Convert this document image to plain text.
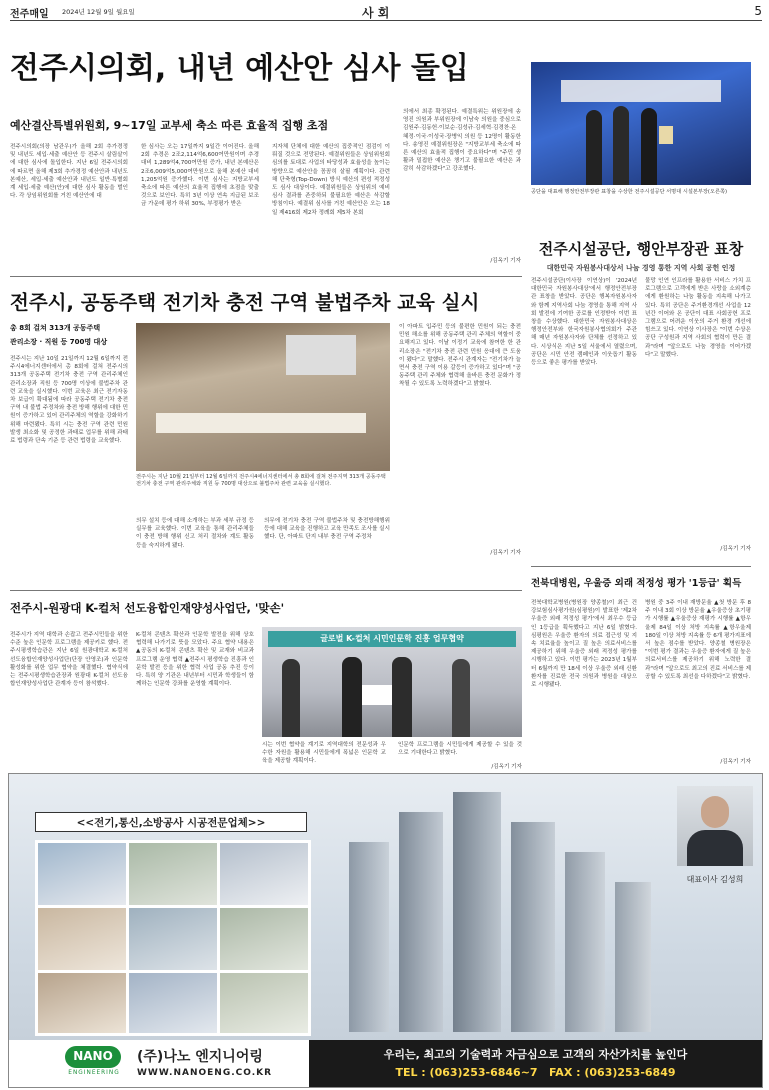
전주매일 2024년 12월 9일 월요일	사 회	5
전주시의회, 내년 예산안 심사 돌입
예산결산특별위원회, 9~17일 교부세 축소 따른 효율적 집행 초점
전주시의회(의장 남관우)가 올해 2회 추가경정 및 내년도 세입·세출 예산안 등 전주시 살림살이에 대한 심사에 돌입한다. 지난 6일 전주시의회에 따르면 올해 제3회 추가경정 예산안과 내년도 본예산, 세입·세출 예산안과 내년도 일반·특별회계 세입·세출 예산(안)에 대한 심사 활동을 벌인다. 각 상임위원회를 거친 예산안에 대
한 심사는 오는 17일까지 9일간 이어진다. 올해 2회 추경은 2조2,114억6,600여만원이며 추경 대비 1,289억4,700여만원 증가, 내년 본예산은 2조6,009억5,000여만원으로 올해 본예산 대비 1,205억원 증가했다. 이번 심사는 지방교부세 축소에 따른 예산의 효율적 집행에 초점을 맞출 것으로 보인다. 특히 3년 이상 연속 지급된 보조금 가운데 평가 하위 30%, 부정평가 받은
지자체 단체에 대한 예산의 집중적인 점검이 이뤄질 것으로 전망된다. 예결위원들은 상임위원회 심의를 토대로 사업의 타당성과 효율성을 높이는 방향으로 예산안을 꼼꼼히 살필 계획이다. 관련해 단축형(Top-Down) 방식 예산의 편성 적정성도 심사 대상이다. 예결위원들은 상임위의 예비심사 결과를 존중하되 불필요한 예산은 삭감할 방침이다. 예결위 심사를 거친 예산안은 오는 18일 제416회 제2차 정례회 제5차 본회
의에서 최종 확정된다. 예결특위는 위원장에 송영진 의원과 부위원장에 이남숙 의원을 중심으로 김원주·김동헌·이보순·김성규·김세혁·김경찬·온혜정·이국·이성국·장병익 의원 등 12명이 활동한다. 송영진 예결위원장은 "지방교부세 축소에 따른 예산의 효율적 집행이 중요하다"며 "주민 생활과 밀접한 예산은 챙기고 불필요한 예산은 과감히 삭감하겠다"고 강조했다.
/김옥기 기자
공단을 대표해 행정안전부장관 표창을 수상한 전주시설공단 서명대 시설본부장(오른쪽)
전주시설공단, 행안부장관 표창
대한민국 자원봉사대상서 나눔 경영 통한 지역 사회 공헌 인정
전주시설공단(이사장 이연상)이 '2024년 대한민국 자원봉사대상'에서 행정안전부장관 표창을 받았다. 공단은 행복자원봉사자와 함께 지역사회 나눔 경영을 통해 지역 사회 발전에 기여한 공로를 인정받아 이번 표창을 수상했다. 대한민국 자원봉사대상은 행정안전부와 한국자원봉사협의회가 주관해 매년 자원봉사자와 단체를 선정하고 있다. 시상식은 지난 5일 서울에서 열렸으며, 공단은 시민 안전 캠페인과 이웃돕기 활동 등으로 좋은 평가를 받았다.
물망 인연 인프라를 활용한 서비스 가치 프로그램으로 고객에게 받은 사랑을 소외계층에게 환원하는 나눔 활동을 지속해 나가고 있다. 특히 공단은 주거환경개선 사업을 12년간 이어와 온 공단이 대표 사회공헌 프로그램으로 어려운 이웃의 주거 환경 개선에 힘쓰고 있다. 이연상 이사장은 "이번 수상은 공단 구성원과 지역 사회의 협력이 만든 결과"라며 "앞으로도 나눔 경영을 이어가겠다"고 말했다.
/김옥기 기자
전주시, 공동주택 전기차 충전 구역 불법주차 교육 실시
총 8회 걸쳐 313개 공동주택
관리소장 · 직원 등 700명 대상
전주시는 지난 10일 21일까지 12월 6일까지 전주시4에너지센터에서 총 8회에 걸쳐 전주시의 313개 공동주택 전기차 충전 구역 관리주체인 관리소장과 직원 등 700명 이상에 불법주차 관련 교육을 실시했다. 이번 교육은 최근 전기자동차 보급이 확대됨에 따라 공동주택 전기차 충전 구역 내 불법 주정차와 충전 방해 행위에 대한 민원이 증가하고 있어 관리주체의 역할을 강화하기 위해 마련됐다. 특히 시는 충전 구역 관련 민원 발생 최소화 및 공정한 과태료 업무를 위해 과태료 법령과 단속 기준 등 관련 법령을 교육했다.
전주시는 지난 10월 21일부터 12월 6일까지 전주시4에너지센터에서 총 8회에 걸쳐 전주지역 313개 공동주택 전기차 충전 구역 관리주체와 직원 등 700명 대상으로 불법주차 관련 교육을 실시했다.
의무 설치 등에 대해 소개하는 부과 세부 규정 등 실무를 교육했다. 이번 교육을 통해 관리주체들이 충전 방해 행위 신고 처리 절차와 계도 활동 등을 숙지하게 됐다.
의무에 전기차 충전 구역 불법주차 및 충전방해행위 등에 대해 교육을 진행하고 교육 만족도 조사를 실시했다. 단, 아파트 단지 내부 충전 구역 주정차
이 아파트 입주민 등의 불편한 민원이 되는 충전 민원 해소를 위해 공동주택 관리 주체의 역할이 중요해지고 있다. 이날 이정기 교육에 참여한 한 관리소장은 "전기차 충전 관련 민원 응대에 큰 도움이 됐다"고 말했다. 전주시 관계자는 "전기차가 늘면서 충전 구역 이용 갈등이 증가하고 있다"며 "공동주택 관리 주체와 협력해 올바른 충전 문화가 정착될 수 있도록 노력하겠다"고 밝혔다.
/김옥기 기자
전주시-원광대 K-컬처 선도융합인재양성사업단, '맞손'
전주시가 지역 대학과 손잡고 전주시민들을 위한 수준 높은 인문학 프로그램을 제공키로 했다. 전주시평생학습관은 지난 6일 원광대학교 K-컬처 선도융합인재양성사업단(단장 안영조)과 인문학 활성화를 위한 업무 협약을 체결했다. 협약식에는 전주시평생학습관장과 원광대 K-컬처 선도융합인재양성사업단 관계자 등이 참석했다.
K-컬처 콘텐츠 확산과 인문학 발전을 위해 상호 협력해 나가기로 뜻을 모았다. 주요 협약 내용은 ▲공동의 K-컬처 콘텐츠 확산 및 교재와 비교과 프로그램 운영 협력 ▲전주시 평생학습 진흥과 인문학 발전 등을 위한 협력 사업 공동 추진 등이다. 특히 양 기관은 내년부터 시민과 학생들이 함께하는 인문학 강좌를 운영할 계획이다.
글로벌 K-컬처 시민인문학 진흥 업무협약
시는 이번 협약을 계기로 지역대학의 전문성과 우수한 자원을 활용해 시민들에게 폭넓은 인문학 교육을 제공할 계획이다.
인문학 프로그램을 시민들에게 제공할 수 있을 것으로 기대한다고 밝혔다.
/김옥기 기자
전북대병원, 우울증 외래 적정성 평가 '1등급' 획득
전북대학교병원(병원장 양종철)이 최근 건강보험심사평가원(심평원)이 발표한 '제2차 우울증 외래 적정성 평가'에서 최우수 등급인 1등급을 획득했다고 지난 6일 밝혔다. 심평원은 우울증 환자의 의료 접근성 및 지속 치료율을 높이고 질 높은 의료서비스를 제공하기 위해 우울증 외래 적정성 평가를 시행하고 있다. 이번 평가는 2023년 1월부터 6월까지 만 18세 이상 우울증 외래 신환 환자를 진료한 전국 의원과 병원을 대상으로 시행됐다.
병원 중 3주 이내 재방문율 ▲첫 방문 후 8주 이내 3회 이상 방문율 ▲우울증상 초기평가 시행률 ▲우울증상 재평가 시행률 ▲항우울제 84일 이상 처방 지속률 ▲항우울제 180일 이상 처방 지속률 등 6개 평가지표에서 높은 점수를 받았다. 양종철 병원장은 "이번 평가 결과는 우울증 환자에게 질 높은 의료서비스를 제공하기 위해 노력한 결과"라며 "앞으로도 최고의 진료 서비스를 제공할 수 있도록 최선을 다하겠다"고 밝혔다.
/김옥기 기자
<<전기,통신,소방공사 시공전문업체>>
대표이사 김성희
NANO
ENGINEERING
(주)나노 엔지니어링
WWW.NANOENG.CO.KR
우리는, 최고의 기술력과 자금심으로 고객의 자산가치를 높인다
TEL : (063)253-6846~7   FAX : (063)253-6849
